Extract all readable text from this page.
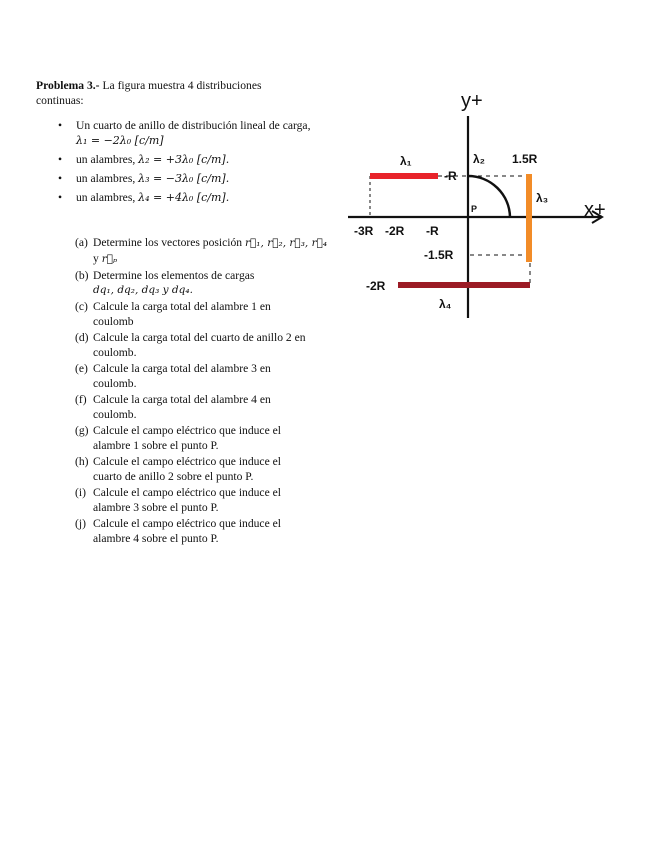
Problema 3.- La figura muestra 4 distribuciones

continuas:

• Un cuarto de anillo de distribución lineal de carga,
λ₁ = −2λ₀ [c/m]
• un alambres, λ₂ = +3λ₀ [c/m].
• un alambres, λ₃ = −3λ₀ [c/m].
• un alambres, λ₄ = +4λ₀ [c/m].
(a) Determine los vectores posición r⃗₁, r⃗₂, r⃗₃, r⃗₄
y r⃗ₚ
(b) Determine los elementos de cargas
dq₁, dq₂, dq₃ y dq₄.
(c) Calcule la carga total del alambre 1 en
coulomb
(d) Calcule la carga total del cuarto de anillo 2 en
coulomb.
(e) Calcule la carga total del alambre 3 en
coulomb.
(f) Calcule la carga total del alambre 4 en
coulomb.
(g) Calcule el campo eléctrico que induce el
alambre 1 sobre el punto P.
(h) Calcule el campo eléctrico que induce el
cuarto de anillo 2 sobre el punto P.
(i) Calcule el campo eléctrico que induce el
alambre 3 sobre el punto P.
(j) Calcule el campo eléctrico que induce el
alambre 4 sobre el punto P.
y+
x+
λ₁	λ₂
λ₃
λ₄
-R
1.5R
P
-3R -2R -R
-1.5R
-2R
